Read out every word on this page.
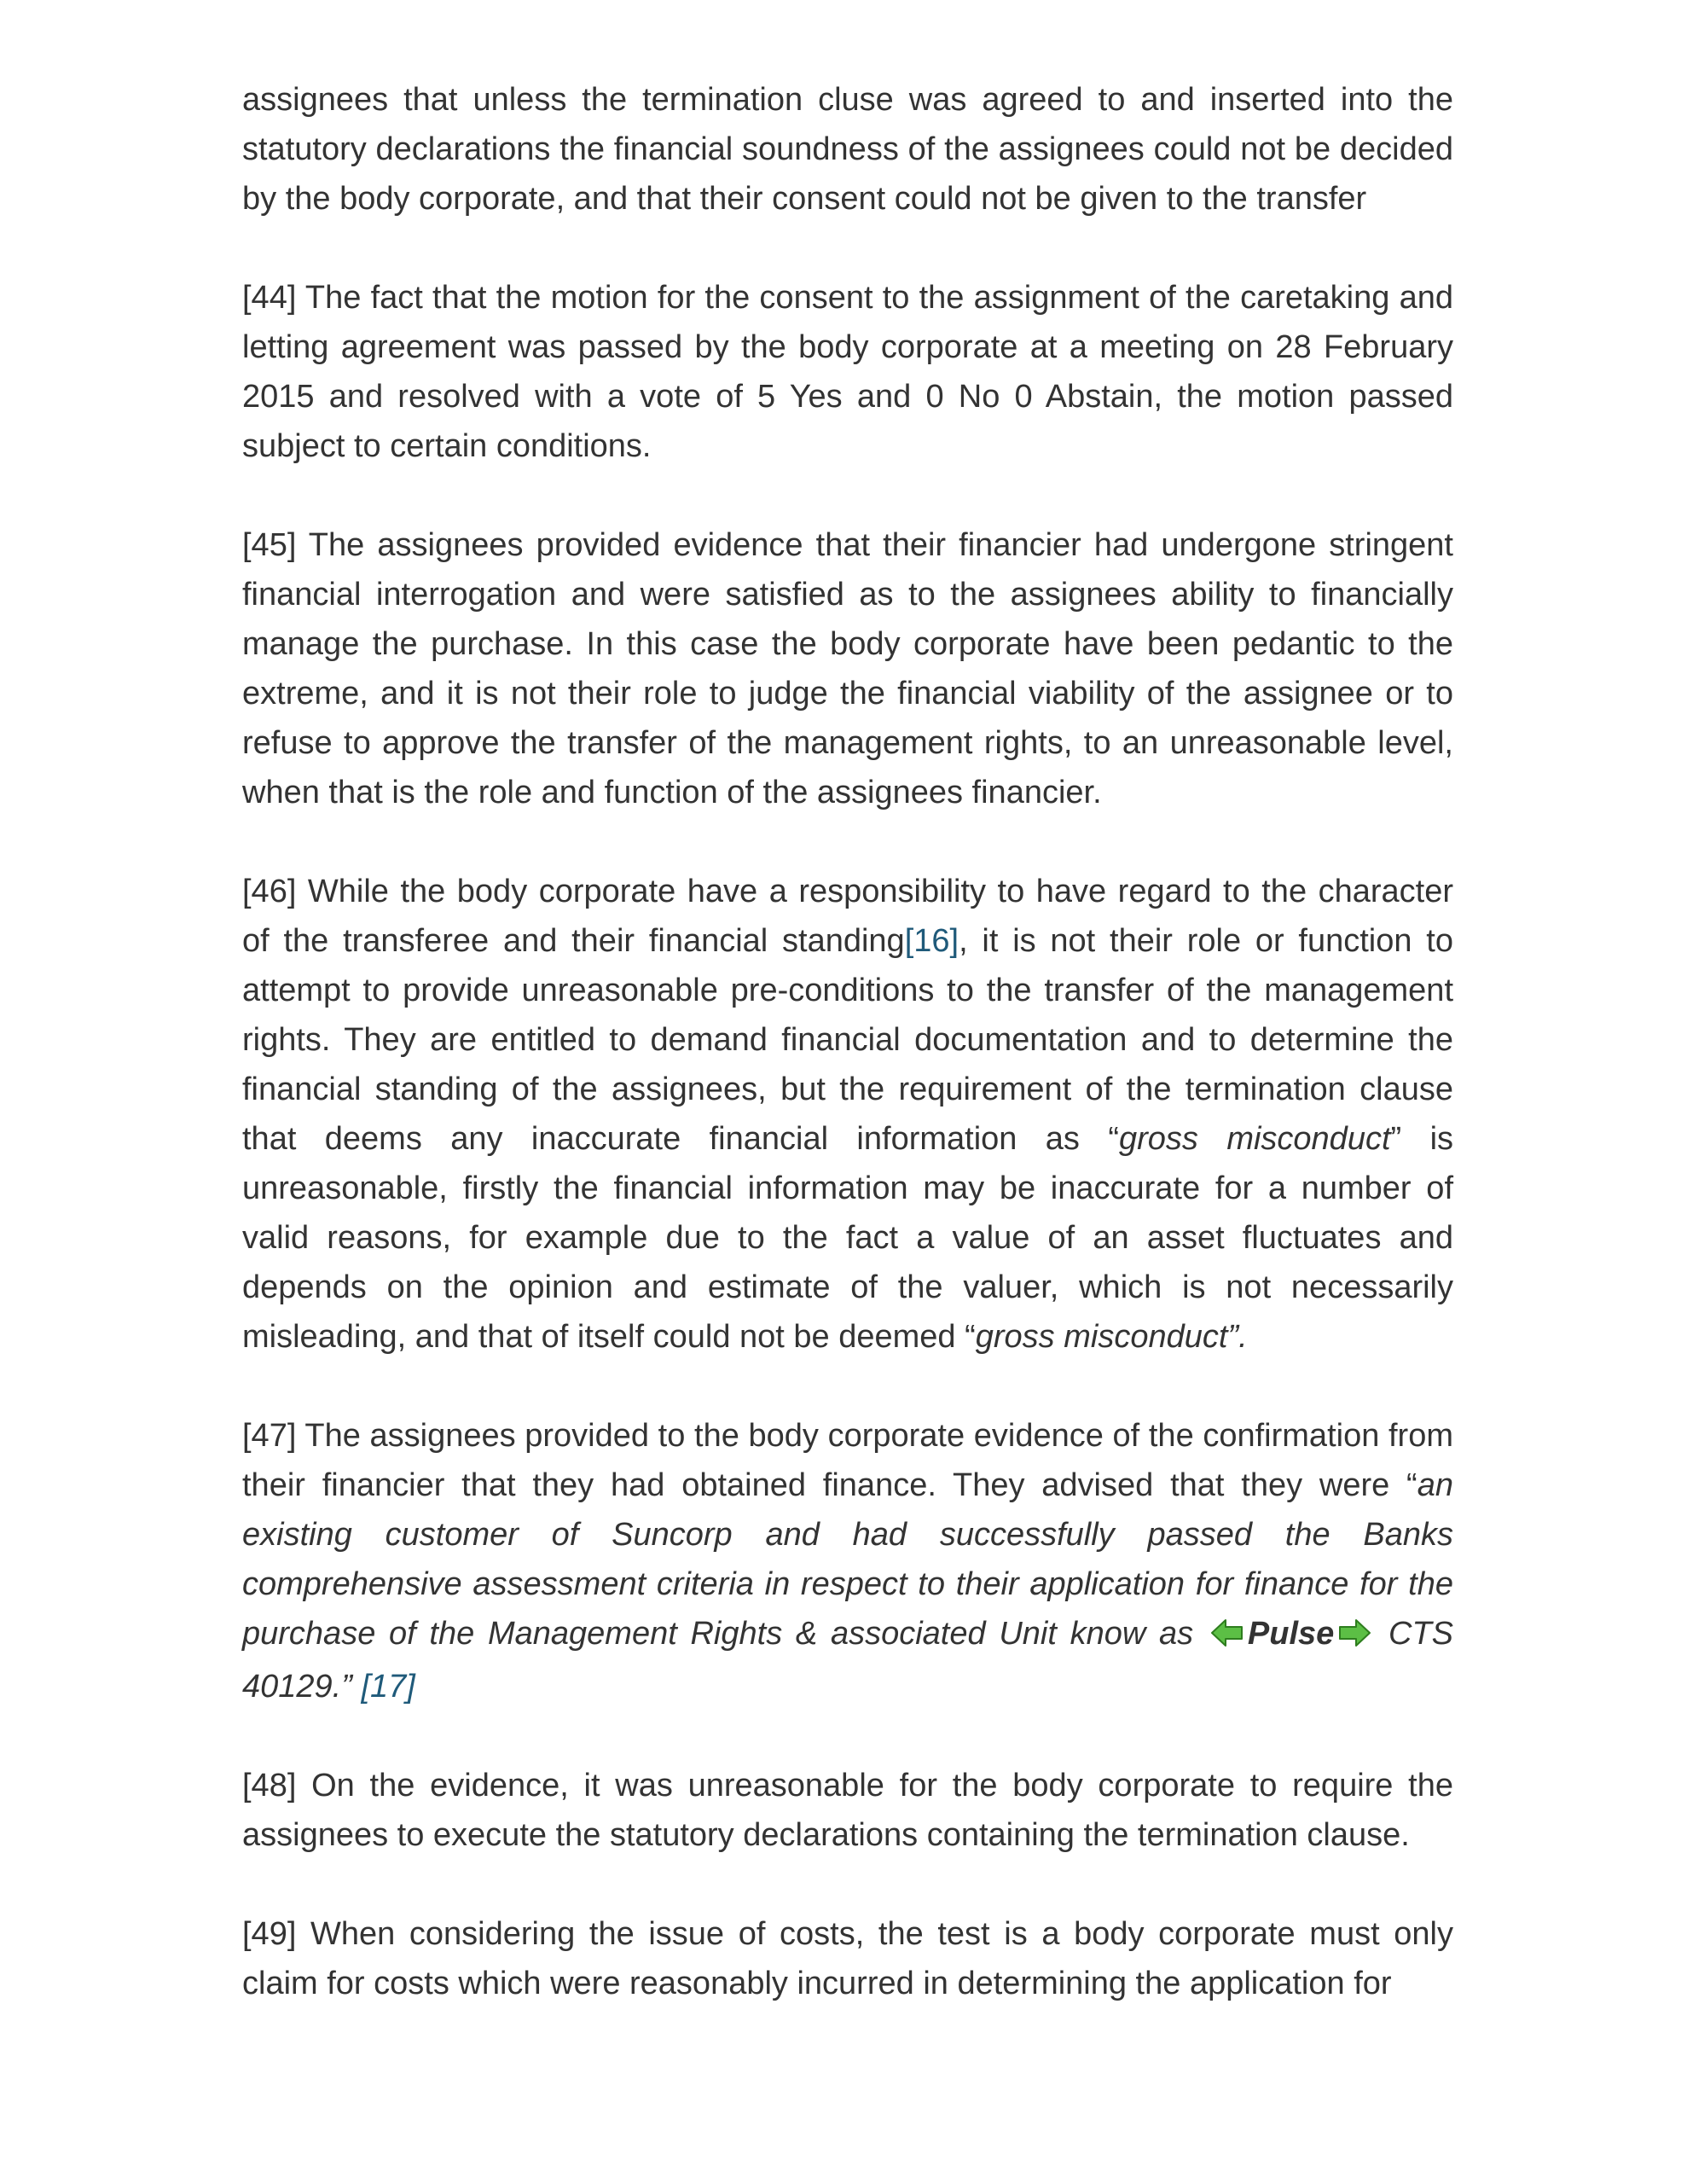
assignees that unless the termination cluse was agreed to and inserted into the statutory declarations the financial soundness of the assignees could not be decided by the body corporate, and that their consent could not be given to the transfer

[44] The fact that the motion for the consent to the assignment of the caretaking and letting agreement was passed by the body corporate at a meeting on 28 February 2015 and resolved with a vote of 5 Yes and 0 No 0 Abstain, the motion passed subject to certain conditions.

[45] The assignees provided evidence that their financier had undergone stringent financial interrogation and were satisfied as to the assignees ability to financially manage the purchase. In this case the body corporate have been pedantic to the extreme, and it is not their role to judge the financial viability of the assignee or to refuse to approve the transfer of the management rights, to an unreasonable level, when that is the role and function of the assignees financier.

[46] While the body corporate have a responsibility to have regard to the character of the transferee and their financial standing[16], it is not their role or function to attempt to provide unreasonable pre-conditions to the transfer of the management rights. They are entitled to demand financial documentation and to determine the financial standing of the assignees, but the requirement of the termination clause that deems any inaccurate financial information as “gross misconduct” is unreasonable, firstly the financial information may be inaccurate for a number of valid reasons, for example due to the fact a value of an asset fluctuates and depends on the opinion and estimate of the valuer, which is not necessarily misleading, and that of itself could not be deemed “gross misconduct”.

[47] The assignees provided to the body corporate evidence of the confirmation from their financier that they had obtained finance. They advised that they were “an existing customer of Suncorp and had successfully passed the Banks comprehensive assessment criteria in respect to their application for finance for the purchase of the Management Rights & associated Unit know as Pulse CTS 40129.” [17]

[48] On the evidence, it was unreasonable for the body corporate to require the assignees to execute the statutory declarations containing the termination clause.

[49] When considering the issue of costs, the test is a body corporate must only claim for costs which were reasonably incurred in determining the application for
